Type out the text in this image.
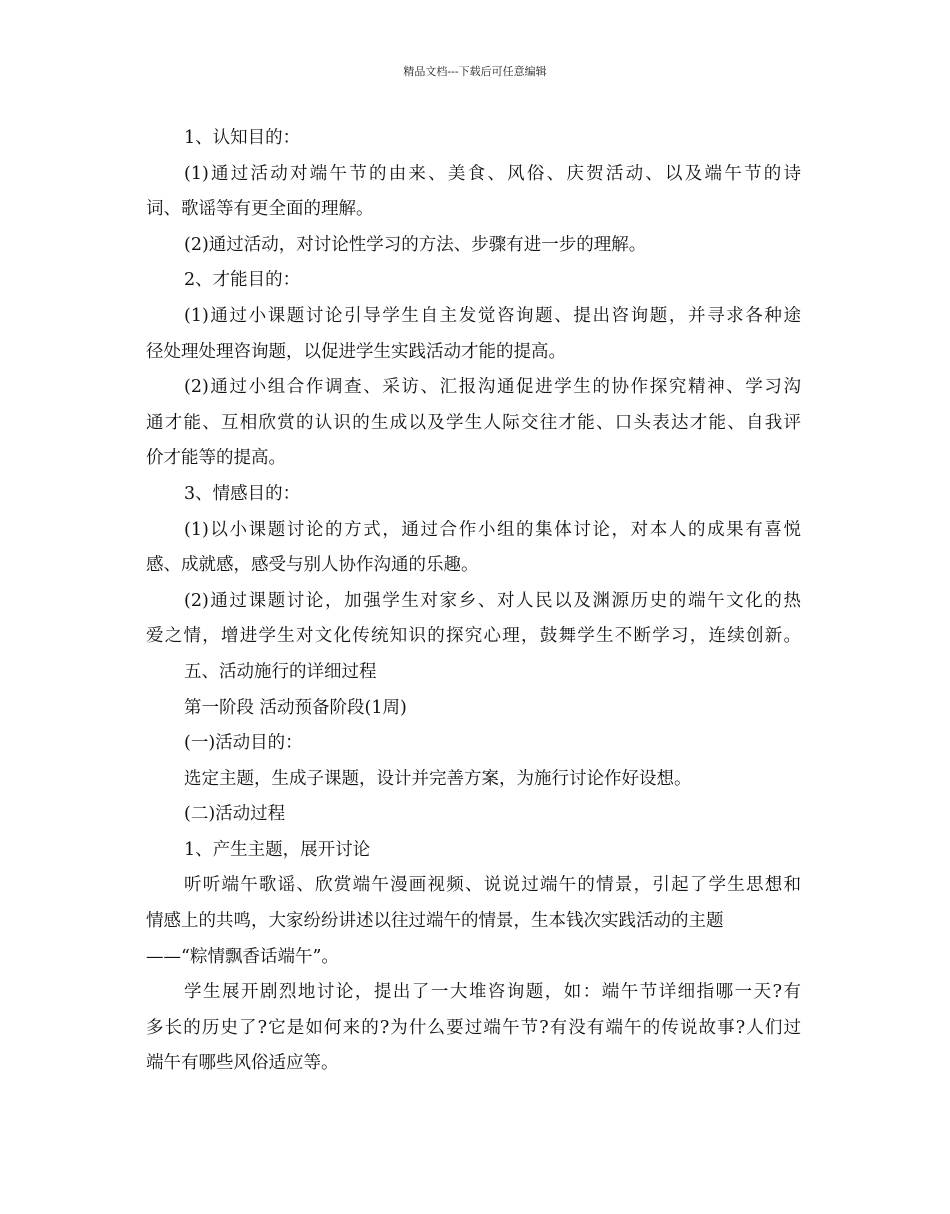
精品文档---下载后可任意编辑
1、认知目的：
(1)通过活动对端午节的由来、美食、风俗、庆贺活动、以及端午节的诗
词、歌谣等有更全面的理解。
(2)通过活动，对讨论性学习的方法、步骤有进一步的理解。
2、才能目的：
(1)通过小课题讨论引导学生自主发觉咨询题、提出咨询题，并寻求各种途
径处理处理咨询题，以促进学生实践活动才能的提高。
(2)通过小组合作调查、采访、汇报沟通促进学生的协作探究精神、学习沟
通才能、互相欣赏的认识的生成以及学生人际交往才能、口头表达才能、自我评
价才能等的提高。
3、情感目的：
(1)以小课题讨论的方式，通过合作小组的集体讨论，对本人的成果有喜悦
感、成就感，感受与别人协作沟通的乐趣。
(2)通过课题讨论，加强学生对家乡、对人民以及渊源历史的端午文化的热
爱之情，增进学生对文化传统知识的探究心理，鼓舞学生不断学习，连续创新。
五、活动施行的详细过程
第一阶段 活动预备阶段(1周)
(一)活动目的：
选定主题，生成子课题，设计并完善方案，为施行讨论作好设想。
(二)活动过程
1、产生主题，展开讨论
听听端午歌谣、欣赏端午漫画视频、说说过端午的情景，引起了学生思想和
情感上的共鸣，大家纷纷讲述以往过端午的情景，生本钱次实践活动的主题
——“粽情飘香话端午”。
学生展开剧烈地讨论，提出了一大堆咨询题，如：端午节详细指哪一天?有
多长的历史了?它是如何来的?为什么要过端午节?有没有端午的传说故事?人们过
端午有哪些风俗适应等。
